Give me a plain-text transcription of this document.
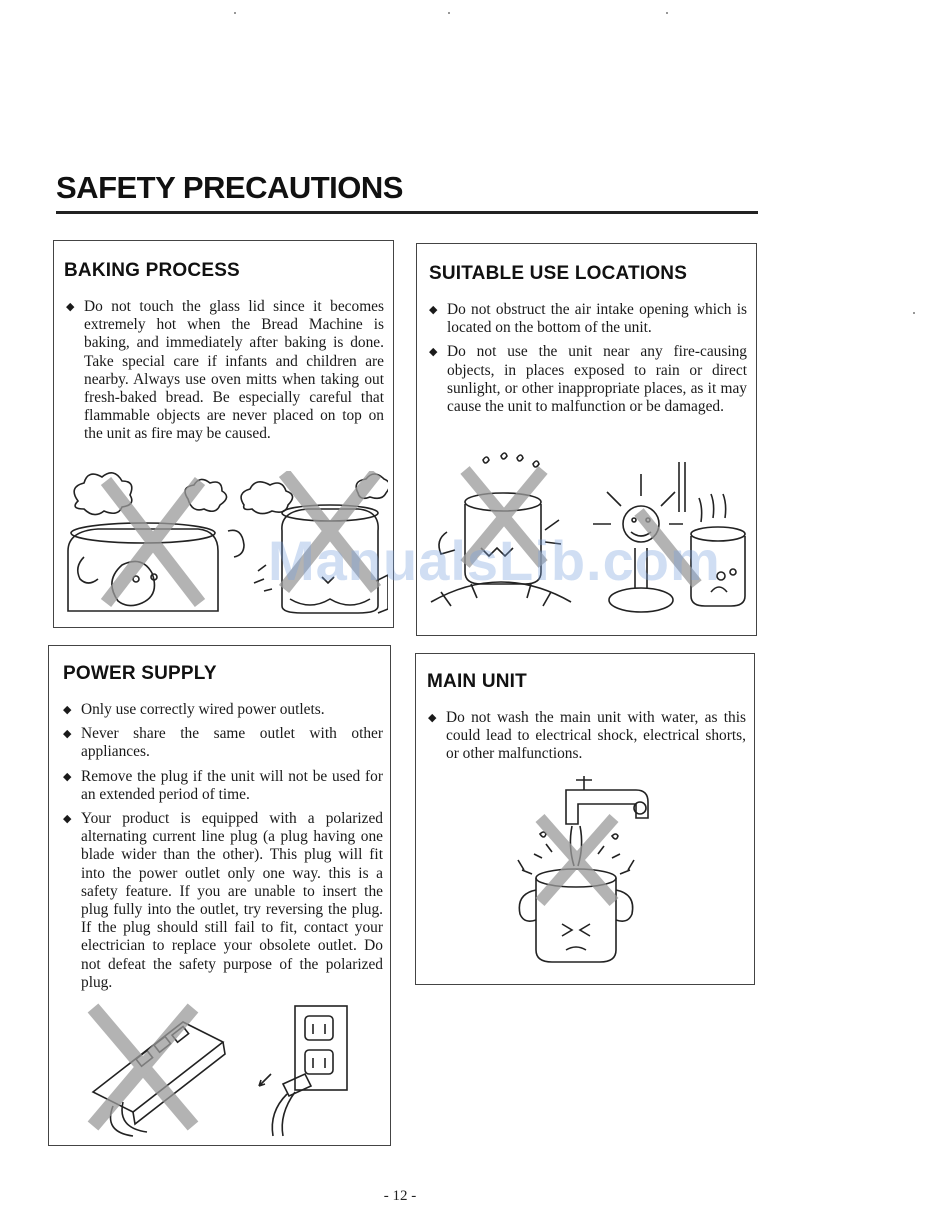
SAFETY PRECAUTIONS
BAKING PROCESS
◆ Do not touch the glass lid since it becomes extremely hot when the Bread Machine is baking, and immediately after baking is done. Take special care if infants and children are nearby. Always use oven mitts when taking out fresh-baked bread. Be especially careful that flammable objects are never placed on top on the unit as fire may be caused.
SUITABLE USE LOCATIONS
◆ Do not obstruct the air intake opening which is located on the bottom of the unit.
◆ Do not use the unit near any fire-causing objects, in places exposed to rain or direct sunlight, or other inappropriate places, as it may cause the unit to malfunction or be damaged.
POWER SUPPLY
◆ Only use correctly wired power outlets.
◆ Never share the same outlet with other appliances.
◆ Remove the plug if the unit will not be used for an extended period of time.
◆ Your product is equipped with a polarized alternating current line plug (a plug having one blade wider than the other). This plug will fit into the power outlet only one way. this is a safety feature. If you are unable to insert the plug fully into the outlet, try reversing the plug. If the plug should still fail to fit, contact your electrician to replace your obsolete outlet. Do not defeat the safety purpose of the polarized plug.
MAIN UNIT
◆ Do not wash the main unit with water, as this could lead to electrical shock, electrical shorts, or other malfunctions.
ManualsLib.com
- 12 -
